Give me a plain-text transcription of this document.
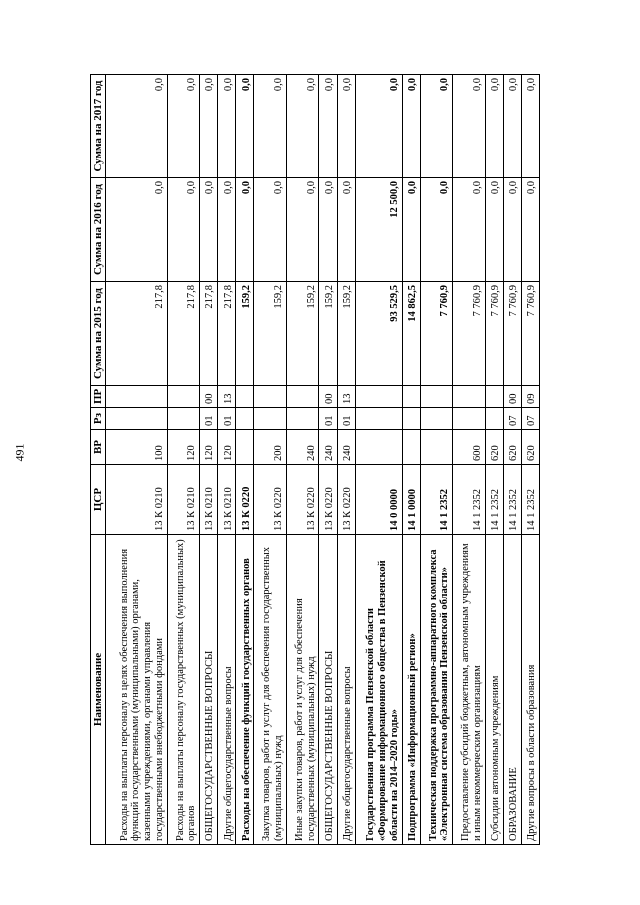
491
Наименование	ЦСР	ВР	Рз	ПР	Сумма на 2015 год	Сумма на 2016 год	Сумма на 2017 год
Расходы на выплаты персоналу в целях обеспечения выполнения функций государственными (муниципальными) органами, казенными учреждениями, органами управления государственными внебюджетными фондами	13 К 0210	100			217,8	0,0	0,0
Расходы на выплаты персоналу государственных (муниципальных) органов	13 К 0210	120			217,8	0,0	0,0
ОБЩЕГОСУДАРСТВЕННЫЕ ВОПРОСЫ	13 К 0210	120	01	00	217,8	0,0	0,0
Другие общегосударственные вопросы	13 К 0210	120	01	13	217,8	0,0	0,0
Расходы на обеспечение функций государственных органов	13 К 0220				159,2	0,0	0,0
Закупка товаров, работ и услуг для обеспечения государственных (муниципальных) нужд	13 К 0220	200			159,2	0,0	0,0
Иные закупки товаров, работ и услуг для обеспечения государственных (муниципальных) нужд	13 К 0220	240			159,2	0,0	0,0
ОБЩЕГОСУДАРСТВЕННЫЕ ВОПРОСЫ	13 К 0220	240	01	00	159,2	0,0	0,0
Другие общегосударственные вопросы	13 К 0220	240	01	13	159,2	0,0	0,0
Государственная программа Пензенской области «Формирование информационного общества в Пензенской области на 2014–2020 годы»	14 0 0000				93 529,5	12 500,0	0,0
Подпрограмма «Информационный регион»	14 1 0000				14 862,5	0,0	0,0
Техническая поддержка программно-аппаратного комплекса «Электронная система образования Пензенской области»	14 1 2352				7 760,9	0,0	0,0
Предоставление субсидий бюджетным, автономным учреждениям и иным некоммерческим организациям	14 1 2352	600			7 760,9	0,0	0,0
Субсидии автономным учреждениям	14 1 2352	620			7 760,9	0,0	0,0
ОБРАЗОВАНИЕ	14 1 2352	620	07	00	7 760,9	0,0	0,0
Другие вопросы в области образования	14 1 2352	620	07	09	7 760,9	0,0	0,0
